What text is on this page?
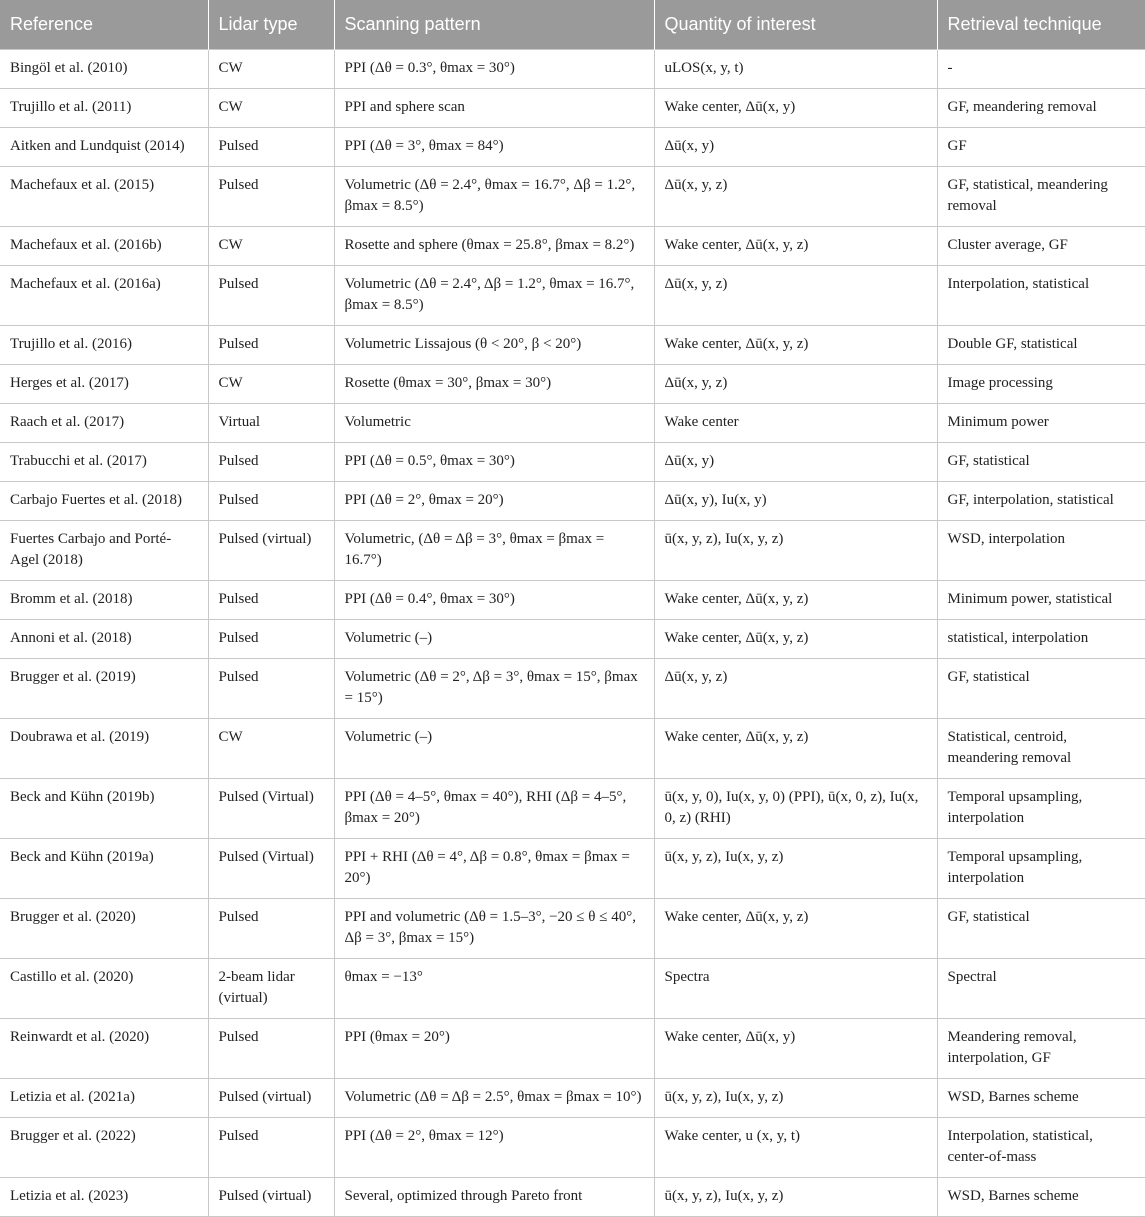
Reference	Lidar type	Scanning pattern	Quantity of interest	Retrieval technique
Bingöl et al. (2010)	CW	PPI (Δθ = 0.3°, θmax = 30°)	uLOS(x, y, t)	-
Trujillo et al. (2011)	CW	PPI and sphere scan	Wake center, Δū(x, y)	GF, meandering removal
Aitken and Lundquist (2014)	Pulsed	PPI (Δθ = 3°, θmax = 84°)	Δū(x, y)	GF
Machefaux et al. (2015)	Pulsed	Volumetric (Δθ = 2.4°, θmax = 16.7°, Δβ = 1.2°, βmax = 8.5°)	Δū(x, y, z)	GF, statistical, meandering removal
Machefaux et al. (2016b)	CW	Rosette and sphere (θmax = 25.8°, βmax = 8.2°)	Wake center, Δū(x, y, z)	Cluster average, GF
Machefaux et al. (2016a)	Pulsed	Volumetric (Δθ = 2.4°, Δβ = 1.2°, θmax = 16.7°, βmax = 8.5°)	Δū(x, y, z)	Interpolation, statistical
Trujillo et al. (2016)	Pulsed	Volumetric Lissajous (θ < 20°, β < 20°)	Wake center, Δū(x, y, z)	Double GF, statistical
Herges et al. (2017)	CW	Rosette (θmax = 30°, βmax = 30°)	Δū(x, y, z)	Image processing
Raach et al. (2017)	Virtual	Volumetric	Wake center	Minimum power
Trabucchi et al. (2017)	Pulsed	PPI (Δθ = 0.5°, θmax = 30°)	Δū(x, y)	GF, statistical
Carbajo Fuertes et al. (2018)	Pulsed	PPI (Δθ = 2°, θmax = 20°)	Δū(x, y), Iu(x, y)	GF, interpolation, statistical
Fuertes Carbajo and Porté-Agel (2018)	Pulsed (virtual)	Volumetric, (Δθ = Δβ = 3°, θmax = βmax = 16.7°)	ū(x, y, z), Iu(x, y, z)	WSD, interpolation
Bromm et al. (2018)	Pulsed	PPI (Δθ = 0.4°, θmax = 30°)	Wake center, Δū(x, y, z)	Minimum power, statistical
Annoni et al. (2018)	Pulsed	Volumetric (–)	Wake center, Δū(x, y, z)	statistical, interpolation
Brugger et al. (2019)	Pulsed	Volumetric (Δθ = 2°, Δβ = 3°, θmax = 15°, βmax = 15°)	Δū(x, y, z)	GF, statistical
Doubrawa et al. (2019)	CW	Volumetric (–)	Wake center, Δū(x, y, z)	Statistical, centroid, meandering removal
Beck and Kühn (2019b)	Pulsed (Virtual)	PPI (Δθ = 4–5°, θmax = 40°), RHI (Δβ = 4–5°, βmax = 20°)	ū(x, y, 0), Iu(x, y, 0) (PPI), ū(x, 0, z), Iu(x, 0, z) (RHI)	Temporal upsampling, interpolation
Beck and Kühn (2019a)	Pulsed (Virtual)	PPI + RHI (Δθ = 4°, Δβ = 0.8°, θmax = βmax = 20°)	ū(x, y, z), Iu(x, y, z)	Temporal upsampling, interpolation
Brugger et al. (2020)	Pulsed	PPI and volumetric (Δθ = 1.5–3°, −20 ≤ θ ≤ 40°, Δβ = 3°, βmax = 15°)	Wake center, Δū(x, y, z)	GF, statistical
Castillo et al. (2020)	2-beam lidar (virtual)	θmax = −13°	Spectra	Spectral
Reinwardt et al. (2020)	Pulsed	PPI (θmax = 20°)	Wake center, Δū(x, y)	Meandering removal, interpolation, GF
Letizia et al. (2021a)	Pulsed (virtual)	Volumetric (Δθ = Δβ = 2.5°, θmax = βmax = 10°)	ū(x, y, z), Iu(x, y, z)	WSD, Barnes scheme
Brugger et al. (2022)	Pulsed	PPI (Δθ = 2°, θmax = 12°)	Wake center, u (x, y, t)	Interpolation, statistical, center-of-mass
Letizia et al. (2023)	Pulsed (virtual)	Several, optimized through Pareto front	ū(x, y, z), Iu(x, y, z)	WSD, Barnes scheme
